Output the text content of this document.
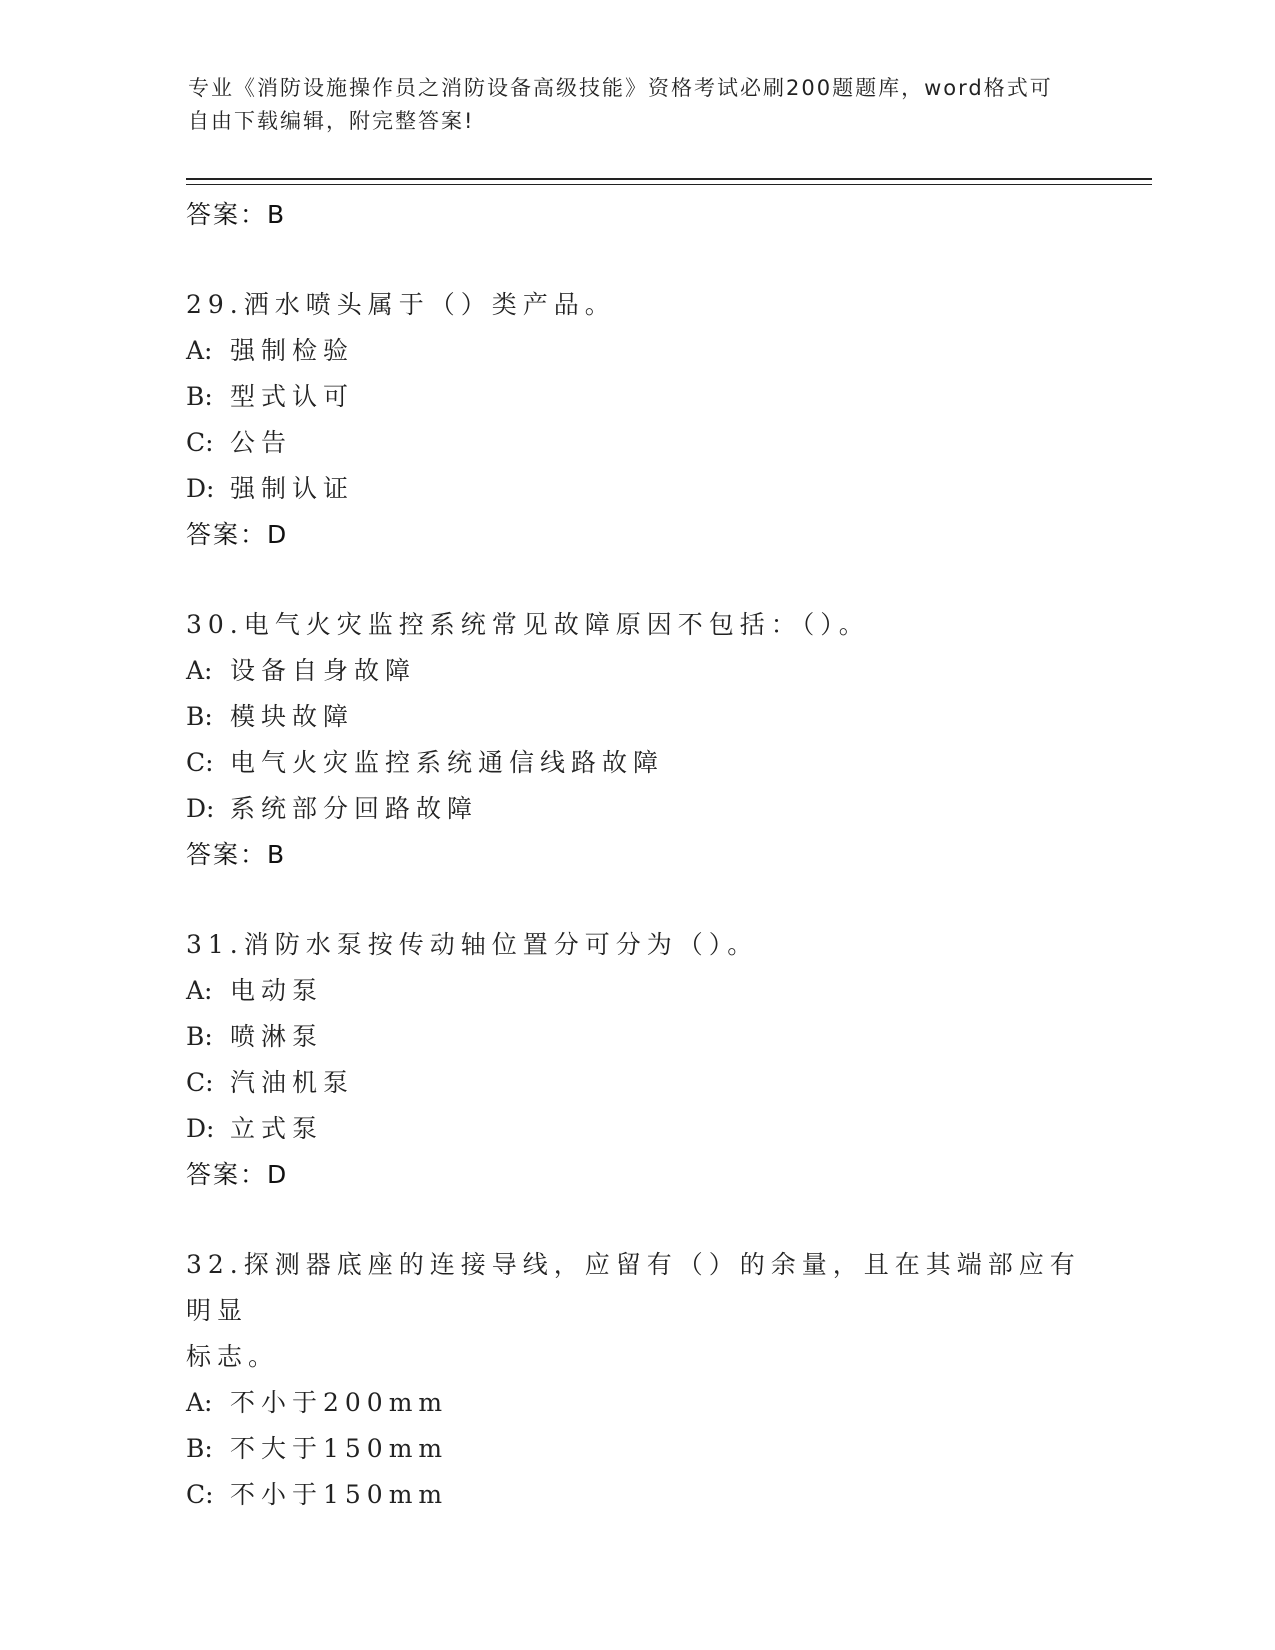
专业《消防设施操作员之消防设备高级技能》资格考试必刷200题题库，word格式可自由下载编辑，附完整答案!

答案：B

29.洒水喷头属于（）类产品。

A: 强制检验

B: 型式认可

C: 公告

D: 强制认证

答案：D

30.电气火灾监控系统常见故障原因不包括：（）。

A: 设备自身故障

B: 模块故障

C: 电气火灾监控系统通信线路故障

D: 系统部分回路故障

答案：B

31.消防水泵按传动轴位置分可分为（）。

A: 电动泵

B: 喷淋泵

C: 汽油机泵

D: 立式泵

答案：D

32.探测器底座的连接导线，应留有（）的余量，且在其端部应有明显

标志。

A: 不小于200mm

B: 不大于150mm

C: 不小于150mm
